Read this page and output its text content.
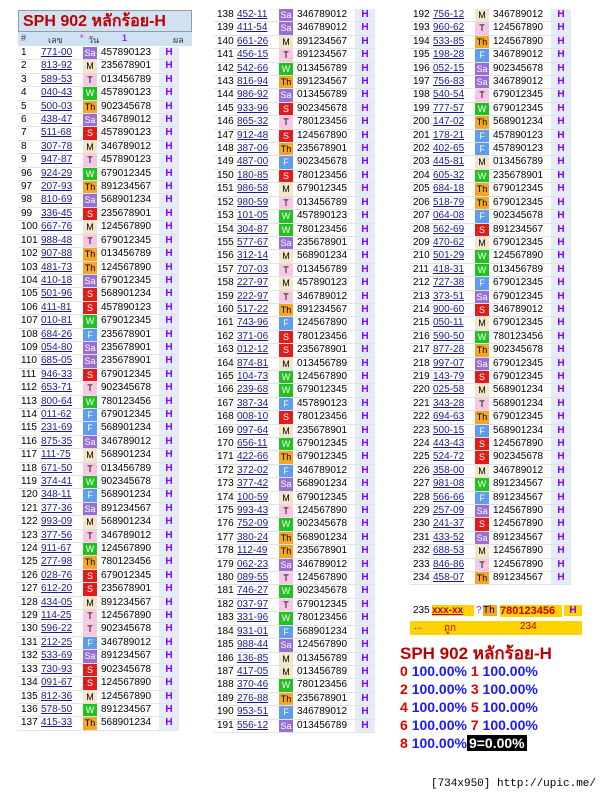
SPH 902 หลักร้อย-H
# เลข * วัน	1	ผล
1	771-00	Sa	457890123	H
2	813-92	M	235678901	H
3	589-53	T	013456789	H
4	040-43	W	457890123	H
5	500-03	Th	902345678	H
6	438-47	Sa	346789012	H
7	511-68	S	457890123	H
8	307-78	M	346789012	H
9	947-87	T	457890123	H
96	924-29	W	679012345	H
97	207-93	Th	891234567	H
98	810-69	Sa	568901234	H
99	336-45	S	235678901	H
100	667-76	M	124567890	H
101	988-48	T	679012345	H
102	907-88	Th	013456789	H
103	481-73	Th	124567890	H
104	410-18	Sa	679012345	H
105	501-96	S	568901234	H
106	411-81	S	457890123	H
107	010-81	W	679012345	H
108	684-26	F	235678901	H
109	054-80	Sa	235678901	H
110	685-05	Sa	235678901	H
111	946-33	S	679012345	H
112	653-71	T	902345678	H
113	800-64	W	780123456	H
114	011-62	F	679012345	H
115	231-69	F	568901234	H
116	875-35	Sa	346789012	H
117	111-75	M	568901234	H
118	671-50	T	013456789	H
119	374-41	W	902345678	H
120	348-11	F	568901234	H
121	377-36	Sa	891234567	H
122	993-09	M	568901234	H
123	377-56	T	346789012	H
124	911-67	W	124567890	H
125	277-98	Th	780123456	H
126	028-76	S	679012345	H
127	612-20	S	235678901	H
128	434-05	M	891234567	H
129	114-25	T	124567890	H
130	596-22	T	902345678	H
131	212-25	F	346789012	H
132	533-69	Sa	891234567	H
133	730-93	S	902345678	H
134	091-67	S	124567890	H
135	812-36	M	124567890	H
136	578-50	W	891234567	H
137	415-33	Th	568901234	H
138	452-11	Sa	346789012	H
139	411-54	Sa	346789012	H
140	661-26	M	891234567	H
141	456-15	T	891234567	H
142	542-66	W	013456789	H
143	816-94	Th	891234567	H
144	986-92	Sa	013456789	H
145	933-96	S	902345678	H
146	865-32	T	780123456	H
147	912-48	S	124567890	H
148	387-06	Th	235678901	H
149	487-00	F	902345678	H
150	180-85	S	780123456	H
151	986-58	M	679012345	H
152	980-59	T	013456789	H
153	101-05	W	457890123	H
154	304-87	W	780123456	H
155	577-67	Sa	235678901	H
156	312-14	M	568901234	H
157	707-03	T	013456789	H
158	227-97	M	457890123	H
159	222-97	T	346789012	H
160	517-22	Th	891234567	H
161	743-96	F	124567890	H
162	371-06	S	780123456	H
163	012-12	S	235678901	H
164	874-81	M	013456789	H
165	104-73	W	124567890	H
166	239-68	W	679012345	H
167	387-34	F	457890123	H
168	008-10	S	780123456	H
169	097-64	M	235678901	H
170	656-11	W	679012345	H
171	422-66	Th	679012345	H
172	372-02	F	346789012	H
173	377-42	Sa	568901234	H
174	100-59	M	679012345	H
175	993-43	T	124567890	H
176	752-09	W	902345678	H
177	380-24	Th	568901234	H
178	112-49	Th	235678901	H
179	062-23	Sa	346789012	H
180	089-55	T	124567890	H
181	746-27	W	902345678	H
182	037-97	T	679012345	H
183	331-96	W	780123456	H
184	931-01	F	568901234	H
185	988-44	Sa	124567890	H
186	136-85	M	013456789	H
187	417-05	M	013456789	H
188	370-46	W	780123456	H
189	276-88	Th	235678901	H
190	953-51	F	346789012	H
191	556-12	Sa	013456789	H
192	756-12	M	346789012	H
193	960-62	T	124567890	H
194	533-85	Th	124567890	H
195	198-28	F	346789012	H
196	052-15	Sa	902345678	H
197	756-83	Sa	346789012	H
198	540-54	T	679012345	H
199	777-57	W	679012345	H
200	147-02	Th	568901234	H
201	178-21	F	457890123	H
202	402-65	F	457890123	H
203	445-81	M	013456789	H
204	605-32	W	235678901	H
205	684-18	Th	679012345	H
206	518-79	Th	679012345	H
207	064-08	F	902345678	H
208	562-69	S	891234567	H
209	470-62	M	679012345	H
210	501-29	W	124567890	H
211	418-31	W	013456789	H
212	727-38	F	679012345	H
213	373-51	Sa	679012345	H
214	900-60	S	346789012	H
215	050-11	M	679012345	H
216	590-50	W	780123456	H
217	877-28	Th	902345678	H
218	997-07	Sa	679012345	H
219	143-79	S	679012345	H
220	025-58	M	568901234	H
221	343-28	T	568901234	H
222	694-63	Th	679012345	H
223	500-15	F	568901234	H
224	443-43	S	124567890	H
225	524-72	S	902345678	H
226	358-00	M	346789012	H
227	981-08	W	891234567	H
228	566-66	F	891234567	H
229	257-09	Sa	124567890	H
230	241-37	S	124567890	H
231	433-52	Sa	891234567	H
232	688-53	M	124567890	H
233	846-86	T	124567890	H
234	458-07	Th	891234567	H
235 xxx-xx	? Th 780123456	H
... ถูก	234
SPH 902 หลักร้อย-H
0 100.00% 1 100.00%
2 100.00% 3 100.00%
4 100.00% 5 100.00%
6 100.00% 7 100.00%
8 100.00% 9=0.00%
[734x950] http://upic.me/
